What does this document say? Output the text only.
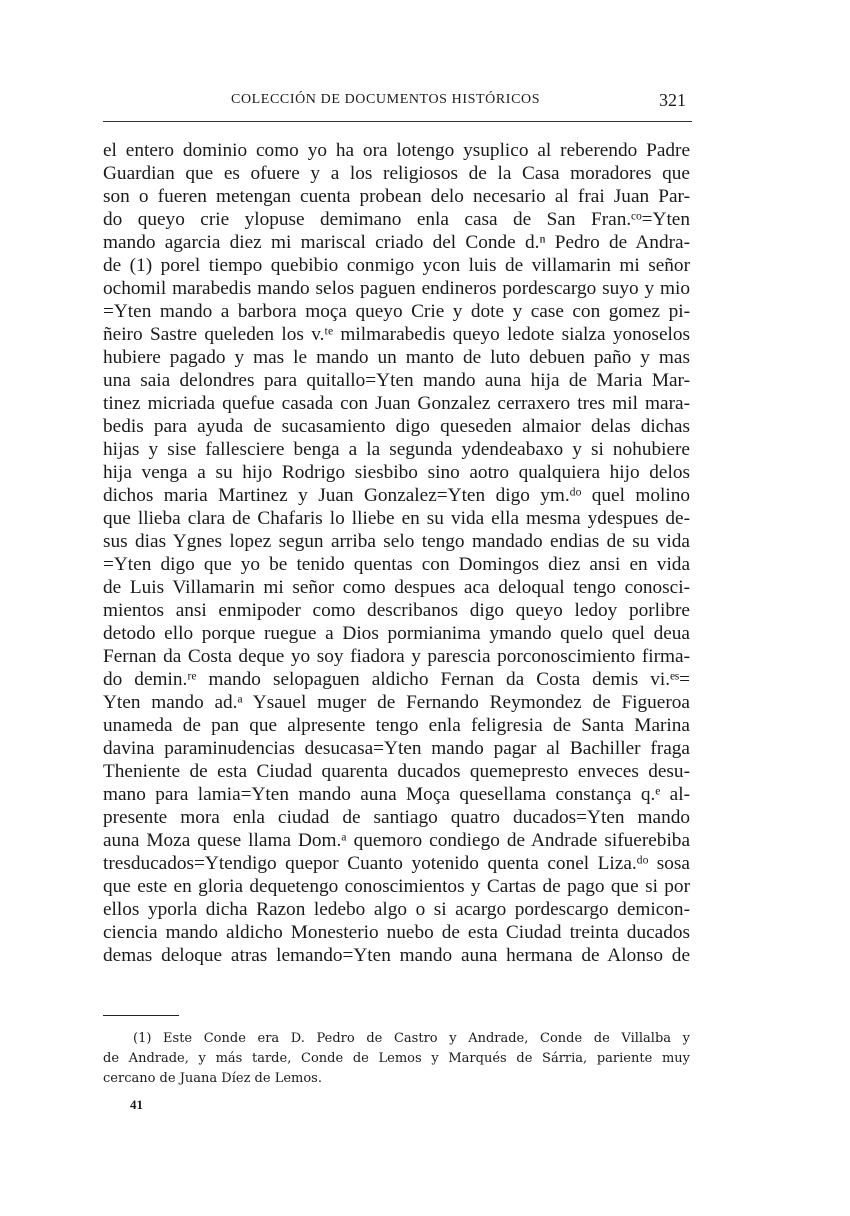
COLECCIÓN DE DOCUMENTOS HISTÓRICOS	321
el entero dominio como yo ha ora lotengo ysuplico al reberendo Padre
Guardian que es ofuere y a los religiosos de la Casa moradores que
son o fueren metengan cuenta probean delo necesario al frai Juan Par-
do queyo crie ylopuse demimano enla casa de San Fran.ᶜᵒ=Yten
mando agarcia diez mi mariscal criado del Conde d.ⁿ Pedro de Andra-
de (1) porel tiempo quebibio conmigo ycon luis de villamarin mi señor
ochomil marabedis mando selos paguen endineros pordescargo suyo y mio
=Yten mando a barbora moça queyo Crie y dote y case con gomez pi-
ñeiro Sastre queleden los v.ᵗᵉ milmarabedis queyo ledote sialza yonoselos
hubiere pagado y mas le mando un manto de luto debuen paño y mas
una saia delondres para quitallo=Yten mando auna hija de Maria Mar-
tinez micriada quefue casada con Juan Gonzalez cerraxero tres mil mara-
bedis para ayuda de sucasamiento digo queseden almaior delas dichas
hijas y sise fallesciere benga a la segunda ydendeabaxo y si nohubiere
hija venga a su hijo Rodrigo siesbibo sino aotro qualquiera hijo delos
dichos maria Martinez y Juan Gonzalez=Yten digo ym.ᵈᵒ quel molino
que llieba clara de Chafaris lo lliebe en su vida ella mesma ydespues de-
sus dias Ygnes lopez segun arriba selo tengo mandado endias de su vida
=Yten digo que yo be tenido quentas con Domingos diez ansi en vida
de Luis Villamarin mi señor como despues aca deloqual tengo conosci-
mientos ansi enmipoder como describanos digo queyo ledoy porlibre
detodo ello porque ruegue a Dios pormianima ymando quelo quel deua
Fernan da Costa deque yo soy fiadora y parescia porconoscimiento firma-
do demin.ʳᵉ mando selopaguen aldicho Fernan da Costa demis vi.ᵉˢ=
Yten mando ad.ᵃ Ysauel muger de Fernando Reymondez de Figueroa
unameda de pan que alpresente tengo enla feligresia de Santa Marina
davina paraminudencias desucasa=Yten mando pagar al Bachiller fraga
Theniente de esta Ciudad quarenta ducados quemepresto enveces desu-
mano para lamia=Yten mando auna Moça quesellama constança q.ᵉ al-
presente mora enla ciudad de santiago quatro ducados=Yten mando
auna Moza quese llama Dom.ᵃ quemoro condiego de Andrade sifuerebiba
tresducados=Ytendigo quepor Cuanto yotenido quenta conel Liza.ᵈᵒ sosa
que este en gloria dequetengo conoscimientos y Cartas de pago que si por
ellos yporla dicha Razon ledebo algo o si acargo pordescargo demicon-
ciencia mando aldicho Monesterio nuebo de esta Ciudad treinta ducados
demas deloque atras lemando=Yten mando auna hermana de Alonso de
(1) Este Conde era D. Pedro de Castro y Andrade, Conde de Villalba y
de Andrade, y más tarde, Conde de Lemos y Marqués de Sárria, pariente muy
cercano de Juana Díez de Lemos.
41
